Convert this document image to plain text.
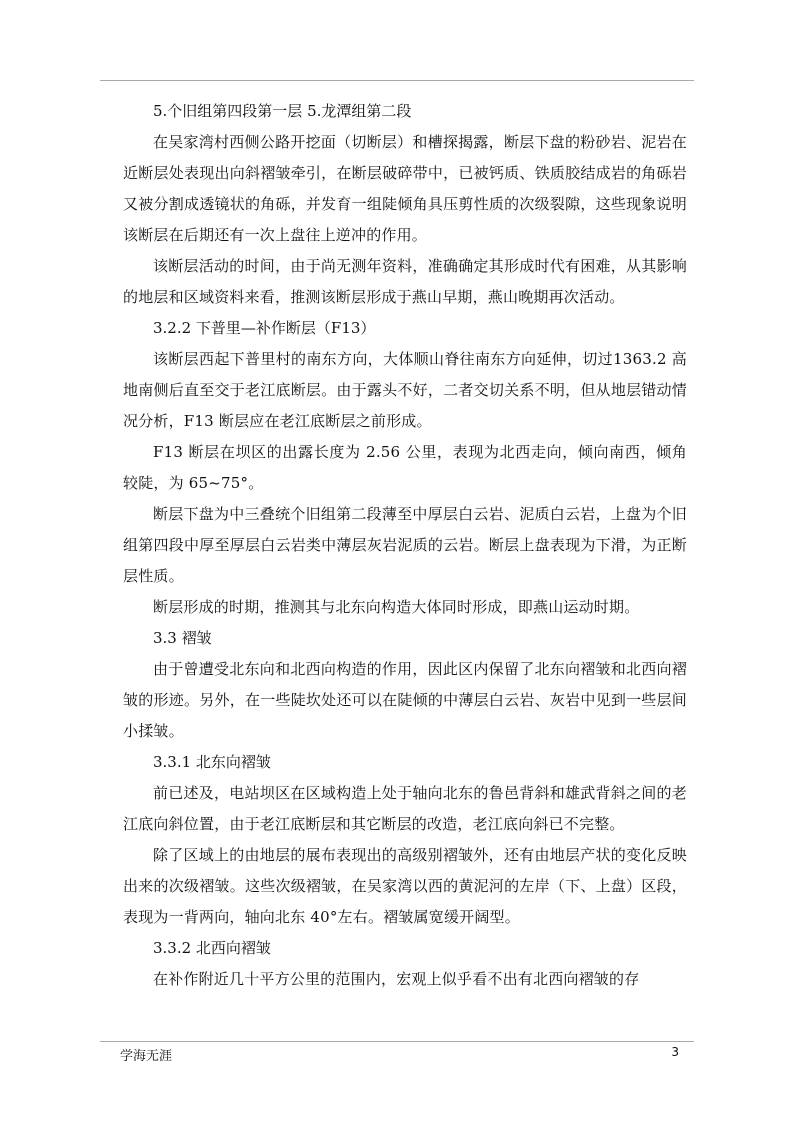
5.个旧组第四段第一层 5.龙潭组第二段

在吴家湾村西侧公路开挖面（切断层）和槽探揭露，断层下盘的粉砂岩、泥岩在近断层处表现出向斜褶皱牵引，在断层破碎带中，已被钙质、铁质胶结成岩的角砾岩又被分割成透镜状的角砾，并发育一组陡倾角具压剪性质的次级裂隙，这些现象说明该断层在后期还有一次上盘往上逆冲的作用。

该断层活动的时间，由于尚无测年资料，准确确定其形成时代有困难，从其影响的地层和区域资料来看，推测该断层形成于燕山早期，燕山晚期再次活动。

3.2.2 下普里—补作断层（F13）

该断层西起下普里村的南东方向，大体顺山脊往南东方向延伸，切过1363.2 高地南侧后直至交于老江底断层。由于露头不好，二者交切关系不明，但从地层错动情况分析，F13 断层应在老江底断层之前形成。

F13 断层在坝区的出露长度为 2.56 公里，表现为北西走向，倾向南西，倾角较陡，为 65~75°。

断层下盘为中三叠统个旧组第二段薄至中厚层白云岩、泥质白云岩，上盘为个旧组第四段中厚至厚层白云岩类中薄层灰岩泥质的云岩。断层上盘表现为下滑，为正断层性质。

断层形成的时期，推测其与北东向构造大体同时形成，即燕山运动时期。

3.3 褶皱

由于曾遭受北东向和北西向构造的作用，因此区内保留了北东向褶皱和北西向褶皱的形迹。另外，在一些陡坎处还可以在陡倾的中薄层白云岩、灰岩中见到一些层间小揉皱。

3.3.1 北东向褶皱

前已述及，电站坝区在区域构造上处于轴向北东的鲁邑背斜和雄武背斜之间的老江底向斜位置，由于老江底断层和其它断层的改造，老江底向斜已不完整。

除了区域上的由地层的展布表现出的高级别褶皱外，还有由地层产状的变化反映出来的次级褶皱。这些次级褶皱，在吴家湾以西的黄泥河的左岸（下、上盘）区段，表现为一背两向，轴向北东 40°左右。褶皱属宽缓开阔型。

3.3.2 北西向褶皱

在补作附近几十平方公里的范围内，宏观上似乎看不出有北西向褶皱的存

学海无涯	3
